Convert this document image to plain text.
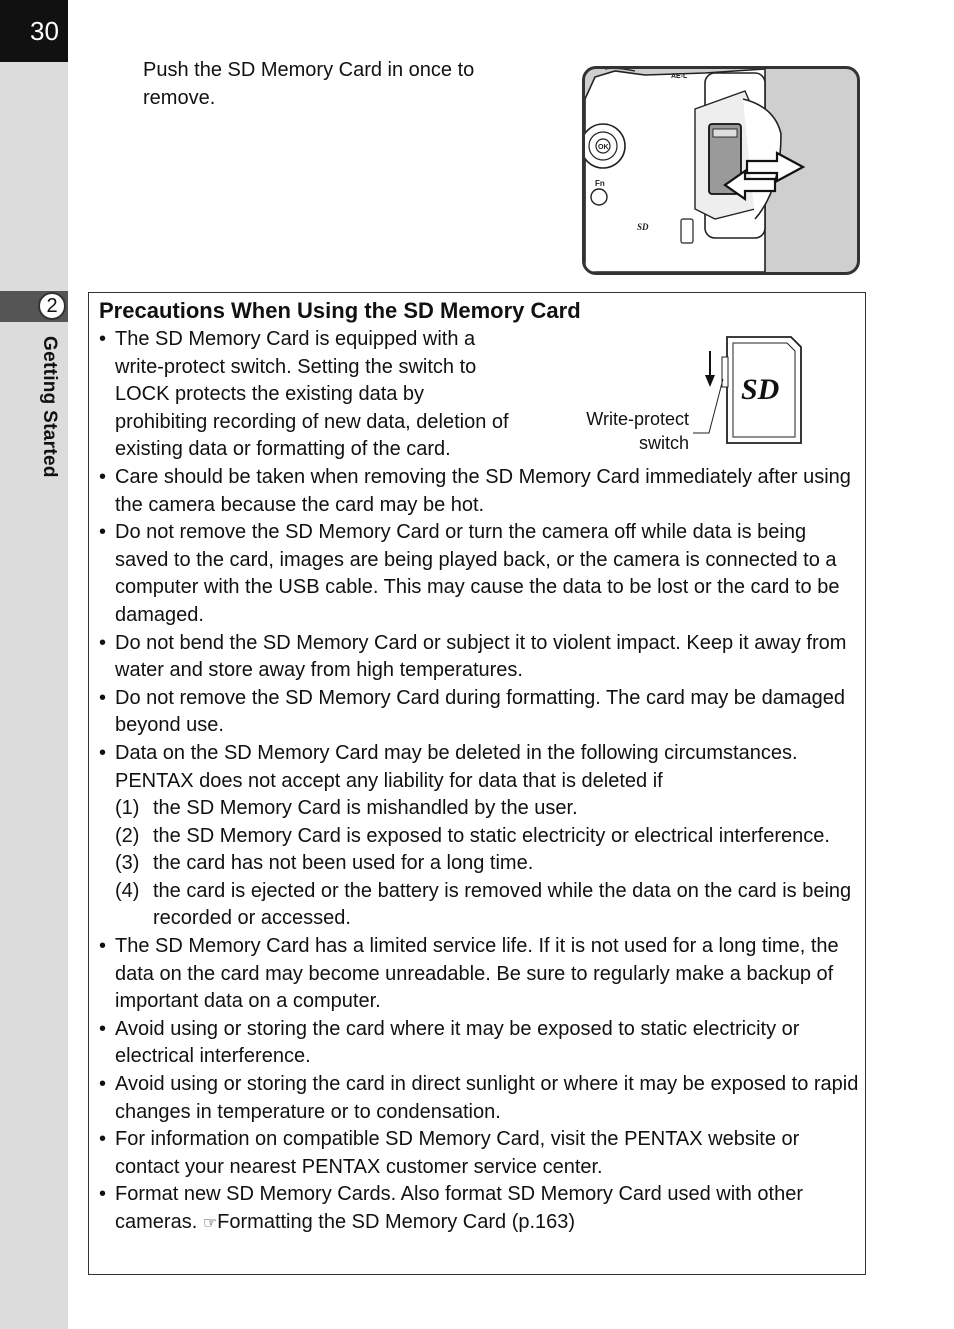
30
2
Getting Started

Push the SD Memory Card in once to remove.

OK
Fn
AE-L
SD
Precautions When Using the SD Memory Card
SD
Write-protect
switch
• The SD Memory Card is equipped with a write-protect switch. Setting the switch to LOCK protects the existing data by prohibiting recording of new data, deletion of existing data or formatting of the card.
• Care should be taken when removing the SD Memory Card immediately after using the camera because the card may be hot.
• Do not remove the SD Memory Card or turn the camera off while data is being saved to the card, images are being played back, or the camera is connected to a computer with the USB cable. This may cause the data to be lost or the card to be damaged.
• Do not bend the SD Memory Card or subject it to violent impact. Keep it away from water and store away from high temperatures.
• Do not remove the SD Memory Card during formatting. The card may be damaged beyond use.
• Data on the SD Memory Card may be deleted in the following circumstances. PENTAX does not accept any liability for data that is deleted if
(1) the SD Memory Card is mishandled by the user.
(2) the SD Memory Card is exposed to static electricity or electrical interference.
(3) the card has not been used for a long time.
(4) the card is ejected or the battery is removed while the data on the card is being recorded or accessed.
• The SD Memory Card has a limited service life. If it is not used for a long time, the data on the card may become unreadable. Be sure to regularly make a backup of important data on a computer.
• Avoid using or storing the card where it may be exposed to static electricity or electrical interference.
• Avoid using or storing the card in direct sunlight or where it may be exposed to rapid changes in temperature or to condensation.
• For information on compatible SD Memory Card, visit the PENTAX website or contact your nearest PENTAX customer service center.
• Format new SD Memory Cards. Also format SD Memory Card used with other cameras. ☞Formatting the SD Memory Card (p.163)
